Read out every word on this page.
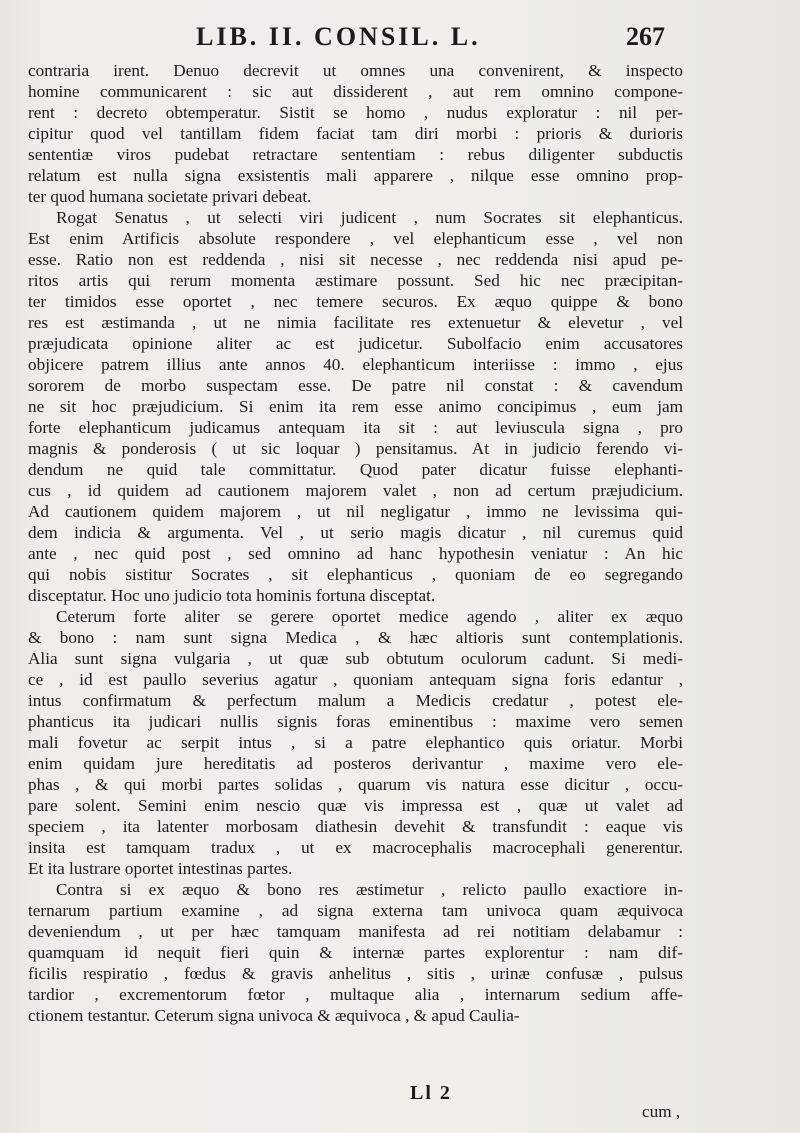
LIB. II. CONSIL. L.	267
contraria irent. Denuo decrevit ut omnes una convenirent, & inspecto
homine communicarent : sic aut dissiderent , aut rem omnino compone-
rent : decreto obtemperatur. Sistit se homo , nudus exploratur : nil per-
cipitur quod vel tantillam fidem faciat tam diri morbi : prioris & durioris
sententiæ viros pudebat retractare sententiam : rebus diligenter subductis
relatum est nulla signa exsistentis mali apparere , nilque esse omnino prop-
ter quod humana societate privari debeat.
Rogat Senatus , ut selecti viri judicent , num Socrates sit elephanticus.
Est enim Artificis absolute respondere , vel elephanticum esse , vel non
esse. Ratio non est reddenda , nisi sit necesse , nec reddenda nisi apud pe-
ritos artis qui rerum momenta æstimare possunt. Sed hic nec præcipitan-
ter timidos esse oportet , nec temere securos. Ex æquo quippe & bono
res est æstimanda , ut ne nimia facilitate res extenuetur & elevetur , vel
præjudicata opinione aliter ac est judicetur. Subolfacio enim accusatores
objicere patrem illius ante annos 40. elephanticum interiisse : immo , ejus
sororem de morbo suspectam esse. De patre nil constat : & cavendum
ne sit hoc præjudicium. Si enim ita rem esse animo concipimus , eum jam
forte elephanticum judicamus antequam ita sit : aut leviuscula signa , pro
magnis & ponderosis ( ut sic loquar ) pensitamus. At in judicio ferendo vi-
dendum ne quid tale committatur. Quod pater dicatur fuisse elephanti-
cus , id quidem ad cautionem majorem valet , non ad certum præjudicium.
Ad cautionem quidem majorem , ut nil negligatur , immo ne levissima qui-
dem indicia & argumenta. Vel , ut serio magis dicatur , nil curemus quid
ante , nec quid post , sed omnino ad hanc hypothesin veniatur : An hic
qui nobis sistitur Socrates , sit elephanticus , quoniam de eo segregando
disceptatur. Hoc uno judicio tota hominis fortuna disceptat.
Ceterum forte aliter se gerere oportet medice agendo , aliter ex æquo
& bono : nam sunt signa Medica , & hæc altioris sunt contemplationis.
Alia sunt signa vulgaria , ut quæ sub obtutum oculorum cadunt. Si medi-
ce , id est paullo severius agatur , quoniam antequam signa foris edantur ,
intus confirmatum & perfectum malum a Medicis credatur , potest ele-
phanticus ita judicari nullis signis foras eminentibus : maxime vero semen
mali fovetur ac serpit intus , si a patre elephantico quis oriatur. Morbi
enim quidam jure hereditatis ad posteros derivantur , maxime vero ele-
phas , & qui morbi partes solidas , quarum vis natura esse dicitur , occu-
pare solent. Semini enim nescio quæ vis impressa est , quæ ut valet ad
speciem , ita latenter morbosam diathesin devehit & transfundit : eaque vis
insita est tamquam tradux , ut ex macrocephalis macrocephali generentur.
Et ita lustrare oportet intestinas partes.
Contra si ex æquo & bono res æstimetur , relicto paullo exactiore in-
ternarum partium examine , ad signa externa tam univoca quam æquivoca
deveniendum , ut per hæc tamquam manifesta ad rei notitiam delabamur :
quamquam id nequit fieri quin & internæ partes explorentur : nam dif-
ficilis respiratio , fœdus & gravis anhelitus , sitis , urinæ confusæ , pulsus
tardior , excrementorum fœtor , multaque alia , internarum sedium affe-
ctionem testantur. Ceterum signa univoca & æquivoca , & apud Caulia-
Ll 2
cum ,
